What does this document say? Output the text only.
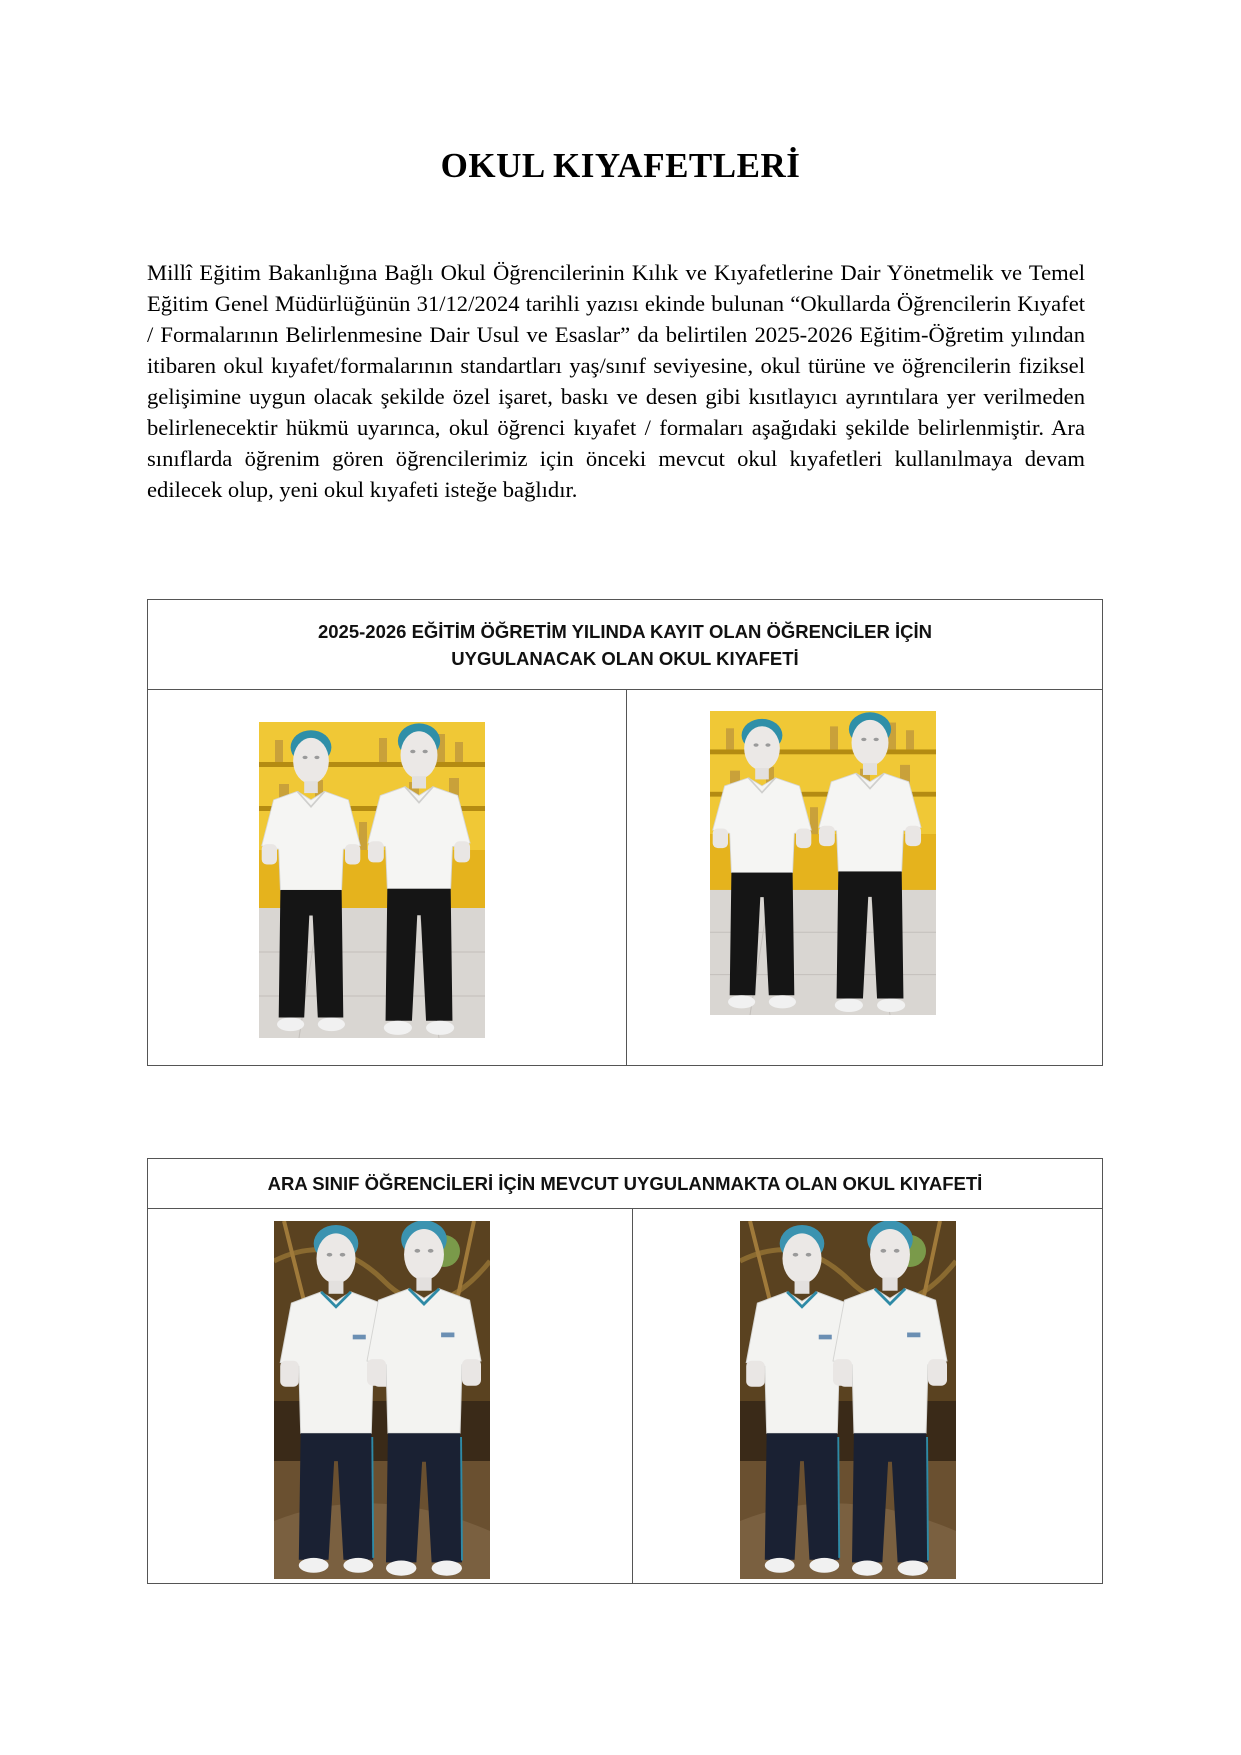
OKUL KIYAFETLERİ

Millî Eğitim Bakanlığına Bağlı Okul Öğrencilerinin Kılık ve Kıyafetlerine Dair Yönetmelik ve Temel Eğitim Genel Müdürlüğünün 31/12/2024 tarihli yazısı ekinde bulunan “Okullarda Öğrencilerin Kıyafet / Formalarının Belirlenmesine Dair Usul ve Esaslar” da belirtilen 2025-2026 Eğitim-Öğretim yılından itibaren okul kıyafet/formalarının standartları yaş/sınıf seviyesine, okul türüne ve öğrencilerin fiziksel gelişimine uygun olacak şekilde özel işaret, baskı ve desen gibi kısıtlayıcı ayrıntılara yer verilmeden belirlenecektir hükmü uyarınca, okul öğrenci kıyafet / formaları aşağıdaki şekilde belirlenmiştir. Ara sınıflarda öğrenim gören öğrencilerimiz için önceki mevcut okul kıyafetleri kullanılmaya devam edilecek olup, yeni okul kıyafeti isteğe bağlıdır.

2025-2026 EĞİTİM ÖĞRETİM YILINDA KAYIT OLAN ÖĞRENCİLER İÇİN
UYGULANACAK OLAN OKUL KIYAFETİ
ARA SINIF ÖĞRENCİLERİ İÇİN MEVCUT UYGULANMAKTA OLAN OKUL KIYAFETİ
